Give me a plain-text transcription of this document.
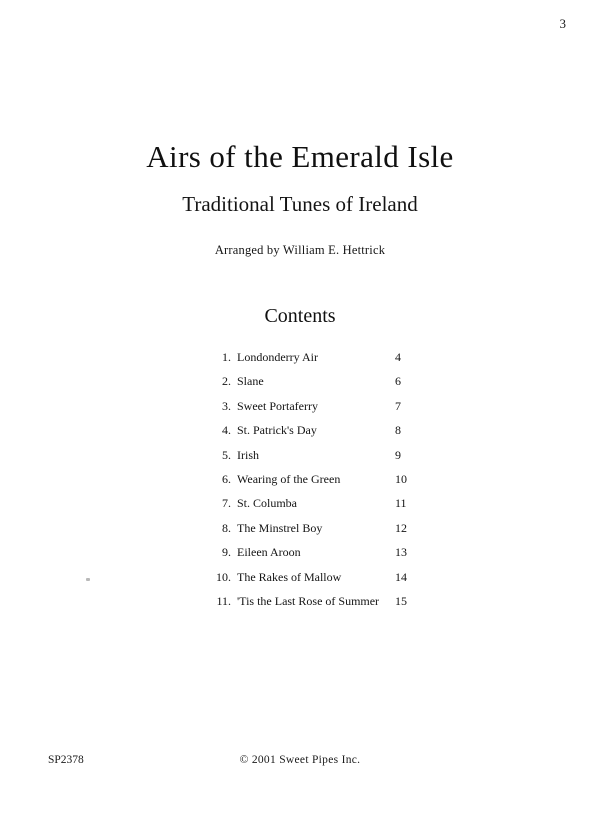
3
Airs of the Emerald Isle
Traditional Tunes of Ireland
Arranged by William E. Hettrick
Contents
1. Londonderry Air	4
2. Slane	6
3. Sweet Portaferry	7
4. St. Patrick's Day	8
5. Irish	9
6. Wearing of the Green	10
7. St. Columba	11
8. The Minstrel Boy	12
9. Eileen Aroon	13
10. The Rakes of Mallow	14
11. 'Tis the Last Rose of Summer	15
SP2378	© 2001 Sweet Pipes Inc.
